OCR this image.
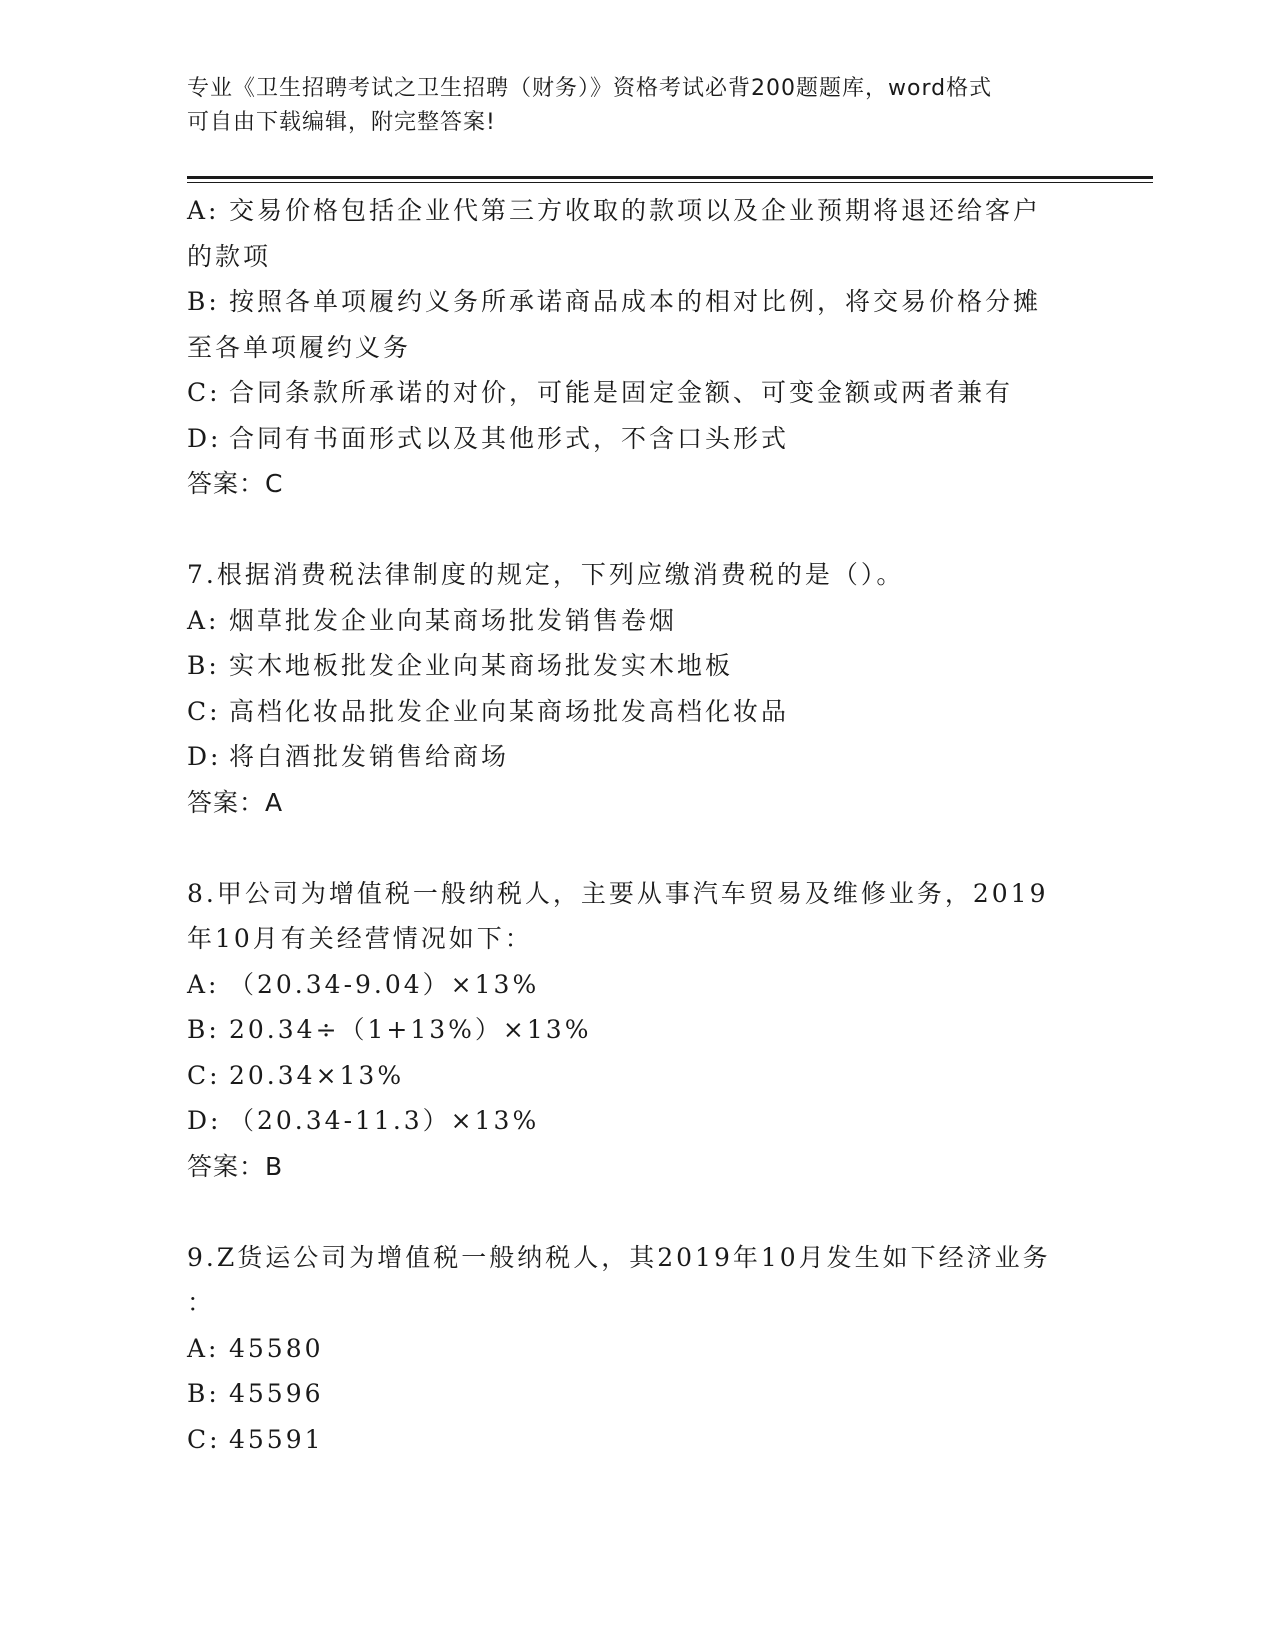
专业《卫生招聘考试之卫生招聘（财务）》资格考试必背200题题库，word格式
可自由下载编辑，附完整答案!
A: 交易价格包括企业代第三方收取的款项以及企业预期将退还给客户
的款项
B: 按照各单项履约义务所承诺商品成本的相对比例，将交易价格分摊
至各单项履约义务
C: 合同条款所承诺的对价，可能是固定金额、可变金额或两者兼有
D: 合同有书面形式以及其他形式，不含口头形式
答案：C
7.根据消费税法律制度的规定，下列应缴消费税的是（）。
A: 烟草批发企业向某商场批发销售卷烟
B: 实木地板批发企业向某商场批发实木地板
C: 高档化妆品批发企业向某商场批发高档化妆品
D: 将白酒批发销售给商场
答案：A
8.甲公司为增值税一般纳税人，主要从事汽车贸易及维修业务，2019
年10月有关经营情况如下：
A: （20.34-9.04）×13%
B: 20.34÷（1+13%）×13%
C: 20.34×13%
D: （20.34-11.3）×13%
答案：B
9.Z货运公司为增值税一般纳税人，其2019年10月发生如下经济业务
：
A: 45580
B: 45596
C: 45591
